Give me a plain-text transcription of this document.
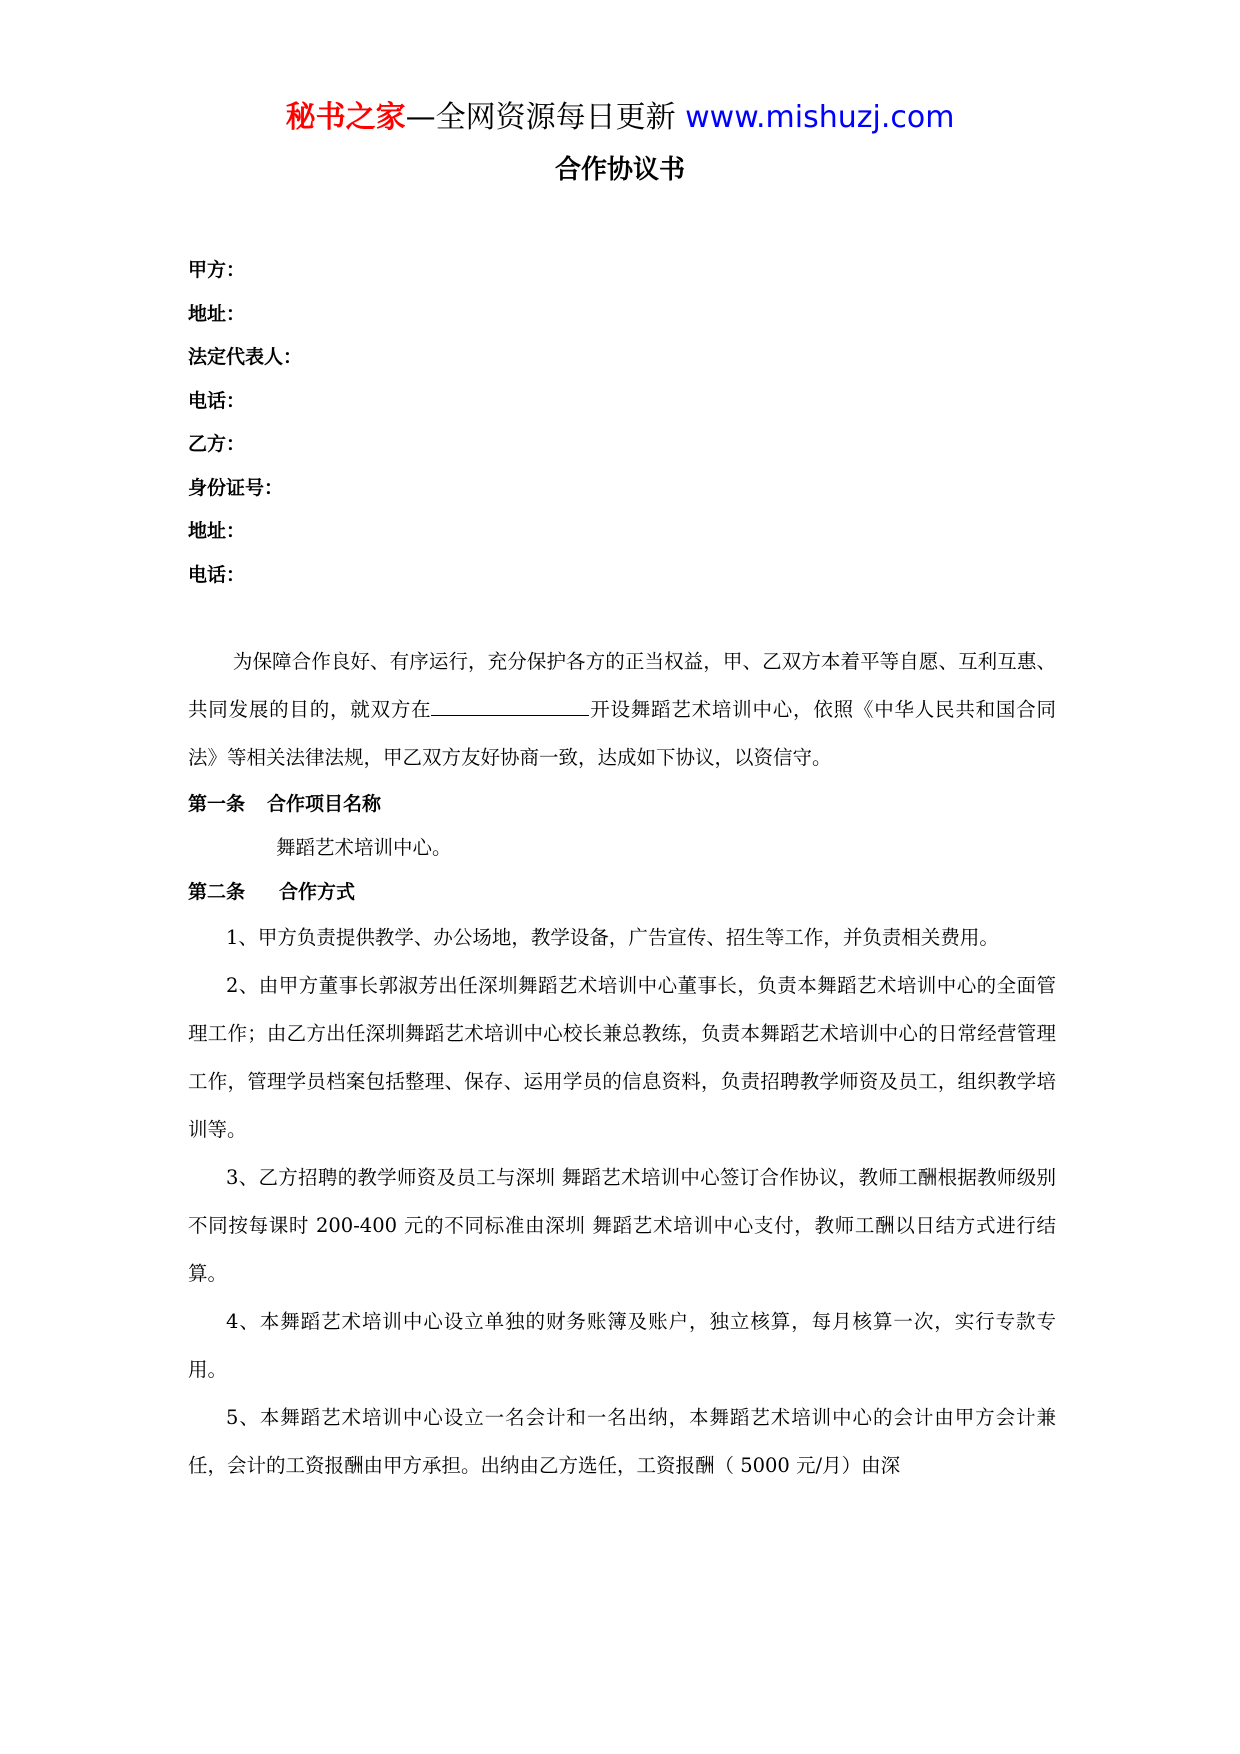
秘书之家—全网资源每日更新 www.mishuzj.com
合作协议书
甲方：
地址：
法定代表人：
电话：
乙方：
身份证号：
地址：
电话：

为保障合作良好、有序运行，充分保护各方的正当权益，甲、乙双方本着平等自愿、互利互惠、共同发展的目的，就双方在	开设舞蹈艺术培训中心，依照《中华人民共和国合同法》等相关法律法规，甲乙双方友好协商一致，达成如下协议，以资信守。

第一条 合作项目名称

舞蹈艺术培训中心。

第二条 合作方式

1、甲方负责提供教学、办公场地，教学设备，广告宣传、招生等工作，并负责相关费用。

2、由甲方董事长郭淑芳出任深圳舞蹈艺术培训中心董事长，负责本舞蹈艺术培训中心的全面管理工作；由乙方出任深圳舞蹈艺术培训中心校长兼总教练，负责本舞蹈艺术培训中心的日常经营管理工作，管理学员档案包括整理、保存、运用学员的信息资料，负责招聘教学师资及员工，组织教学培训等。

3、乙方招聘的教学师资及员工与深圳 舞蹈艺术培训中心签订合作协议，教师工酬根据教师级别不同按每课时 200-400 元的不同标准由深圳 舞蹈艺术培训中心支付，教师工酬以日结方式进行结算。

4、本舞蹈艺术培训中心设立单独的财务账簿及账户，独立核算，每月核算一次，实行专款专用。

5、本舞蹈艺术培训中心设立一名会计和一名出纳，本舞蹈艺术培训中心的会计由甲方会计兼任，会计的工资报酬由甲方承担。出纳由乙方选任，工资报酬（ 5000 元/月）由深
